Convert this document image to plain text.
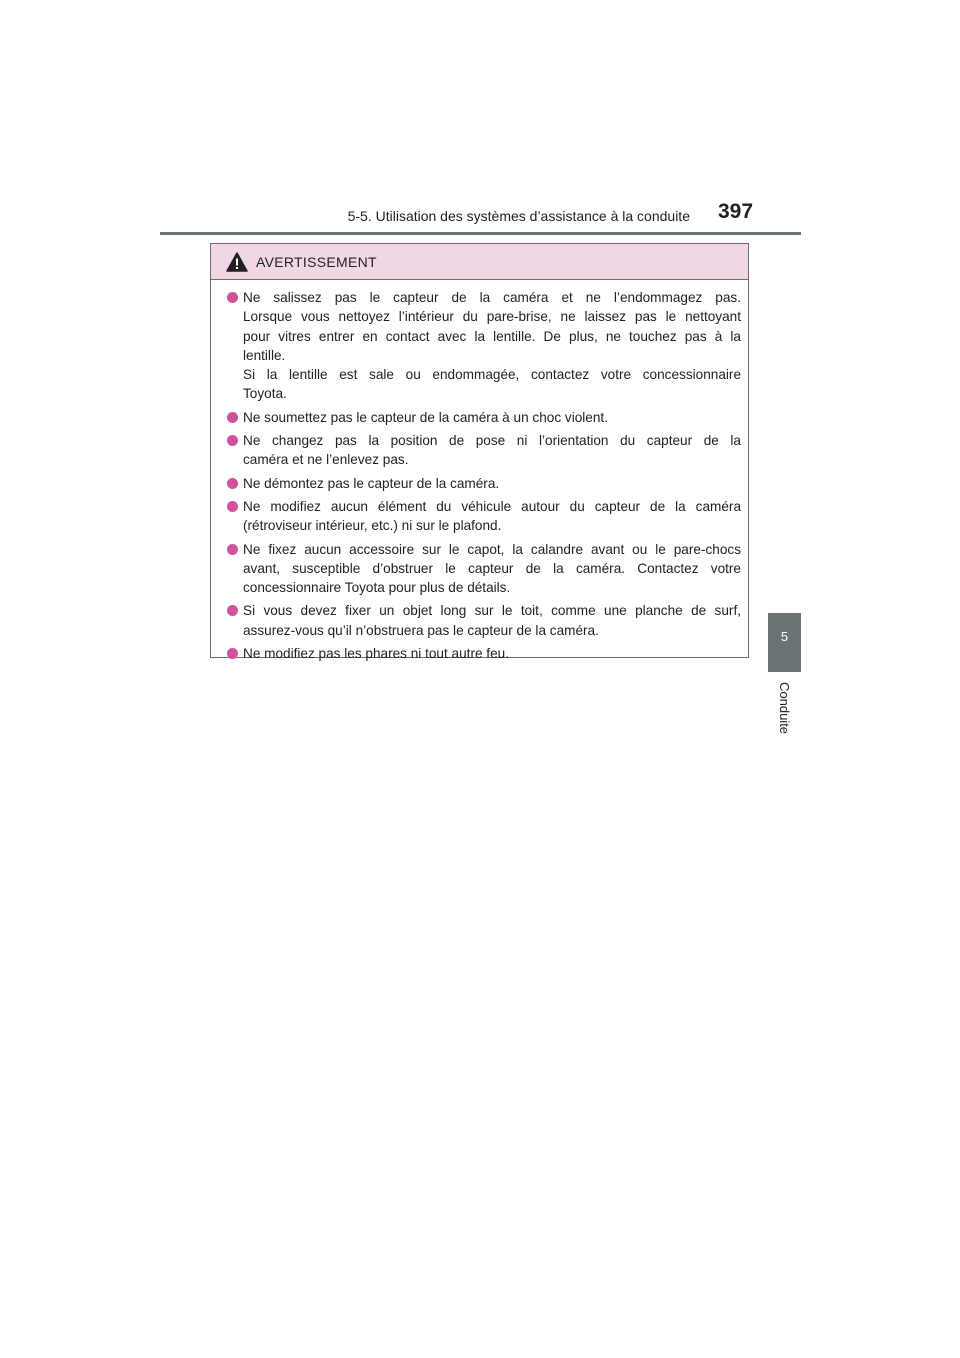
5-5. Utilisation des systèmes d’assistance à la conduite 397
5
Conduite
AVERTISSEMENT
Ne salissez pas le capteur de la caméra et ne l’endommagez pas.
Lorsque vous nettoyez l’intérieur du pare-brise, ne laissez pas le nettoyant
pour vitres entrer en contact avec la lentille. De plus, ne touchez pas à la
lentille.
Si la lentille est sale ou endommagée, contactez votre concessionnaire
Toyota.
Ne soumettez pas le capteur de la caméra à un choc violent.
Ne changez pas la position de pose ni l’orientation du capteur de la
caméra et ne l’enlevez pas.
Ne démontez pas le capteur de la caméra.
Ne modifiez aucun élément du véhicule autour du capteur de la caméra
(rétroviseur intérieur, etc.) ni sur le plafond.
Ne fixez aucun accessoire sur le capot, la calandre avant ou le pare-chocs
avant, susceptible d’obstruer le capteur de la caméra. Contactez votre
concessionnaire Toyota pour plus de détails.
Si vous devez fixer un objet long sur le toit, comme une planche de surf,
assurez-vous qu’il n’obstruera pas le capteur de la caméra.
Ne modifiez pas les phares ni tout autre feu.
